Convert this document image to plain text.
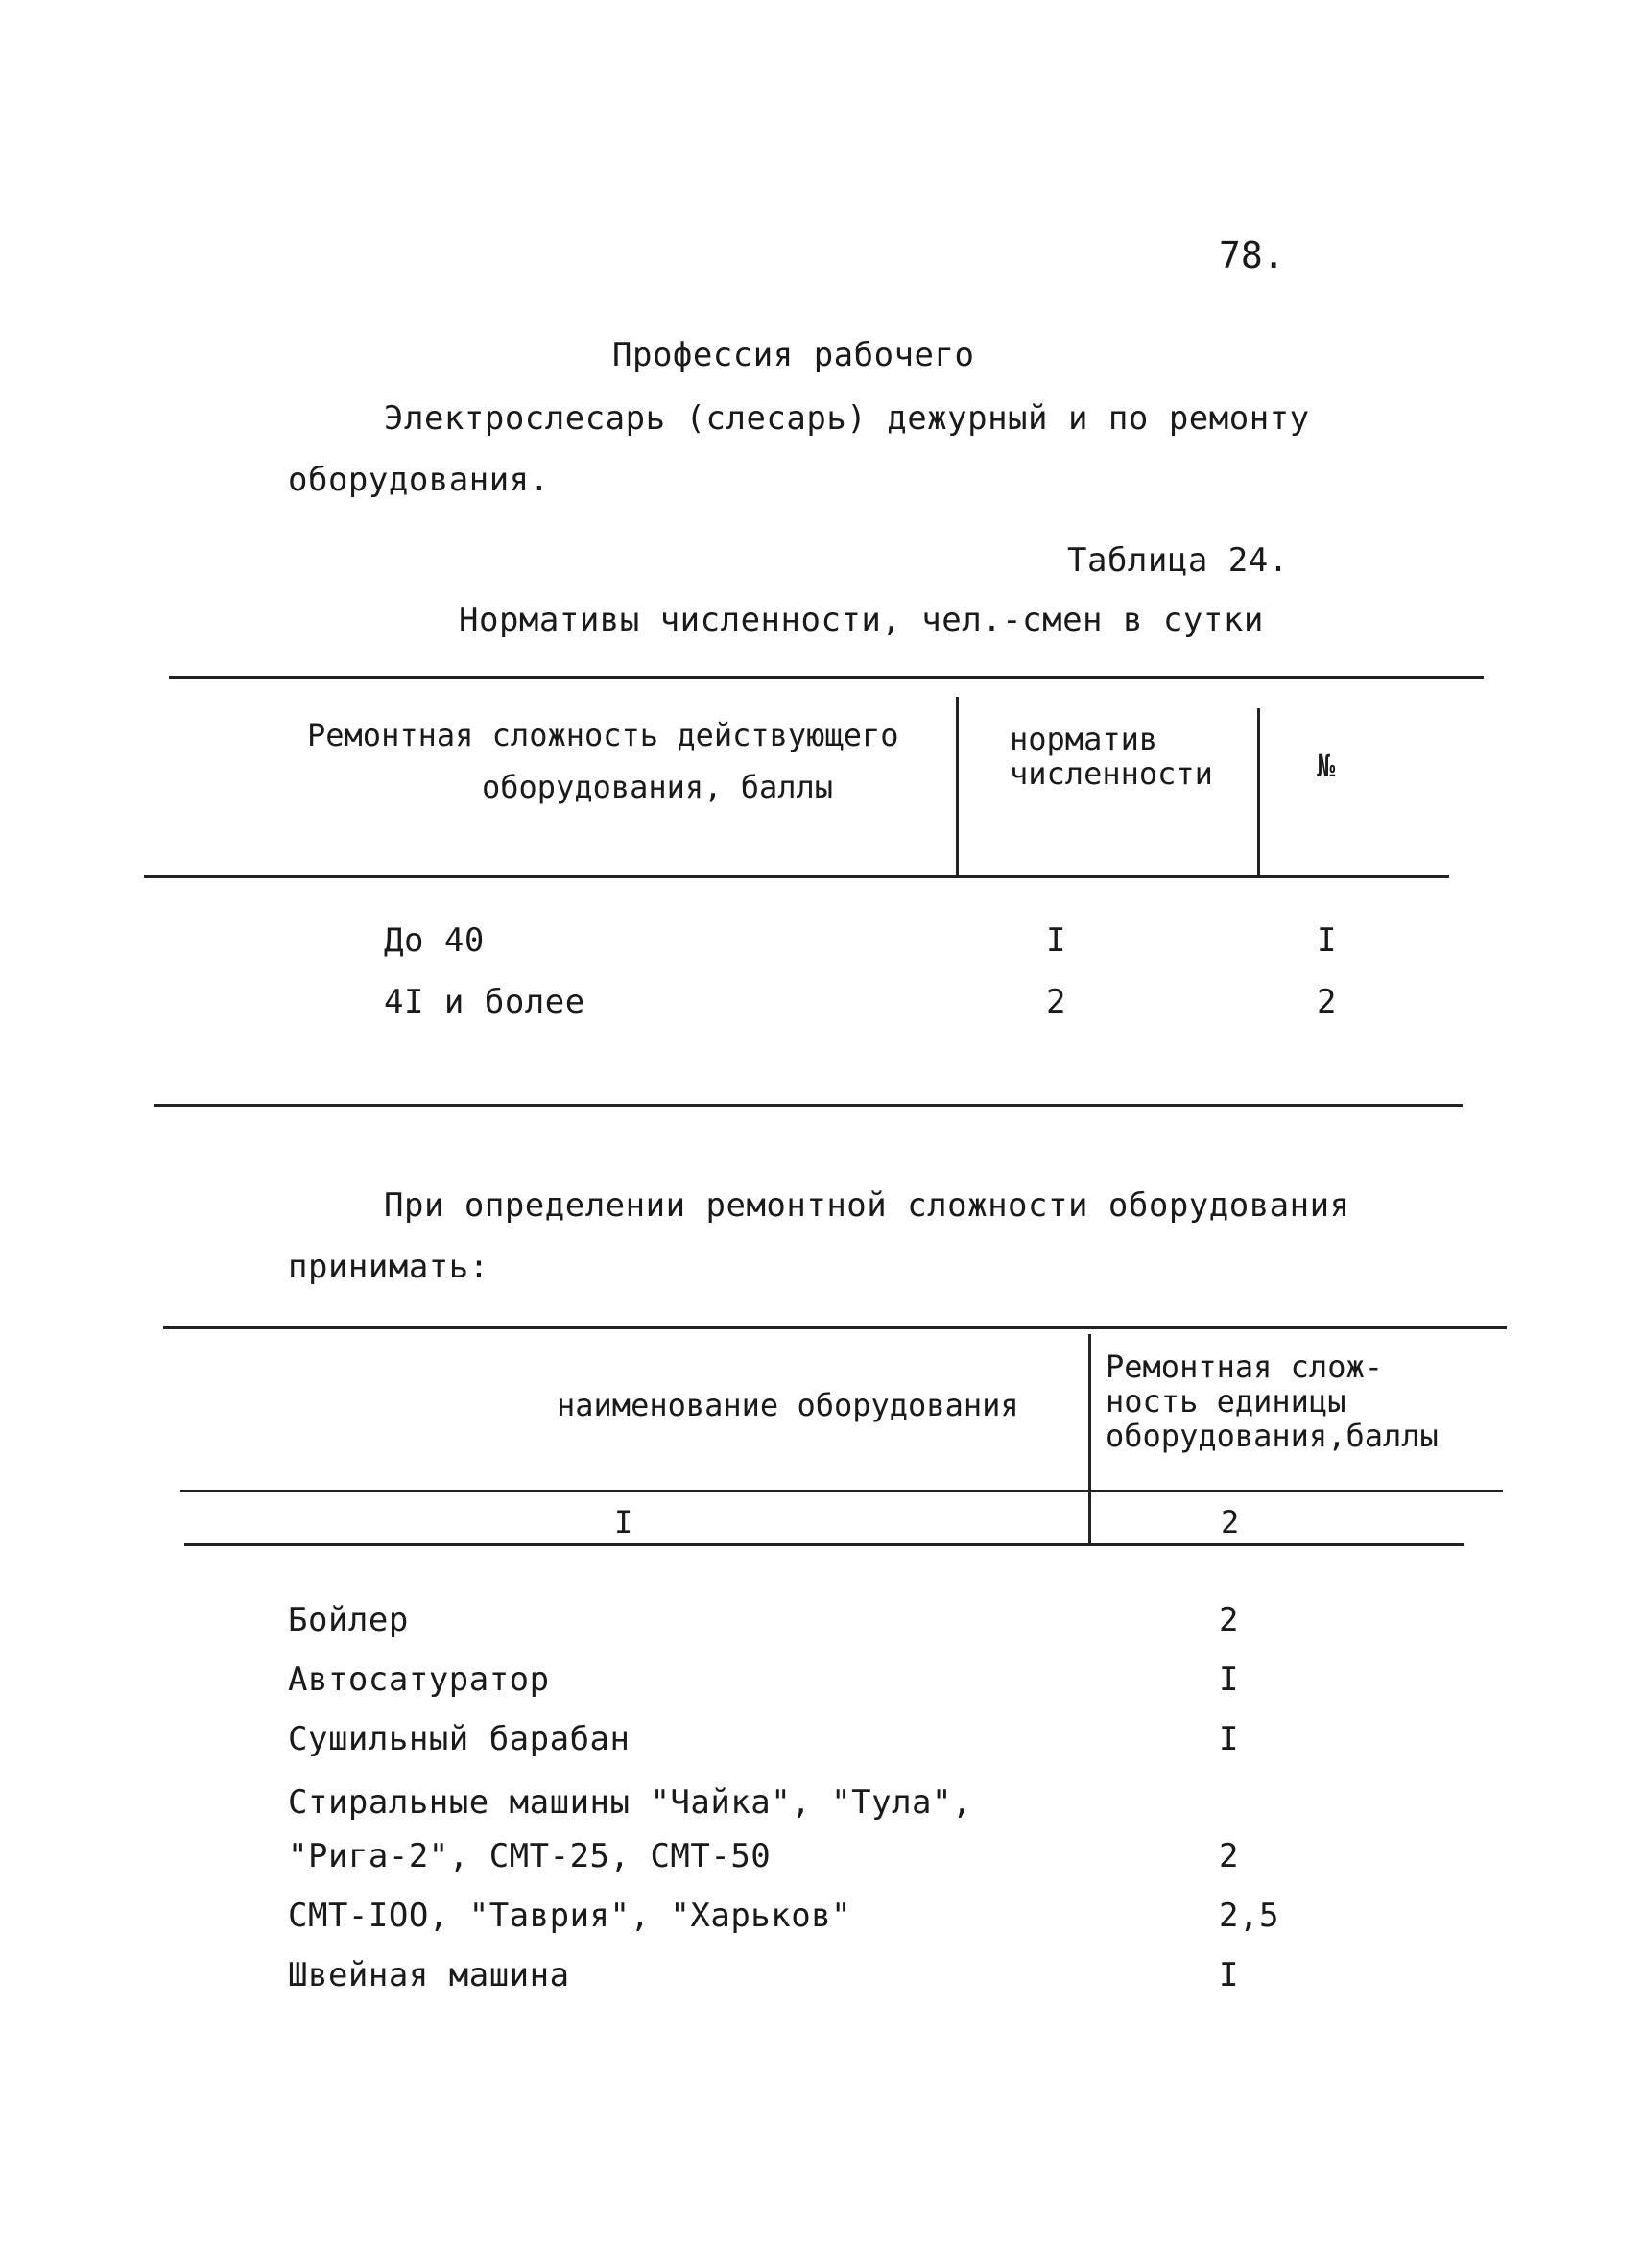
78.
Профессия рабочего
Электрослесарь (слесарь) дежурный и по ремонту
оборудования.
Таблица 24.
Нормативы численности, чел.-смен в сутки
Ремонтная сложность действующего
оборудования, баллы
норматив
численности	№
До 40	I	I
4I и более	2	2
При определении ремонтной сложности оборудования
принимать:
наименование оборудования
Ремонтная слож-
ность единицы
оборудования,баллы
I	2
Бойлер	2
Автосатуратор	I
Сушильный барабан	I
Стиральные машины "Чайка", "Тула",
"Рига-2", СМТ-25, СМТ-50	2
СМТ-IОО, "Таврия", "Харьков"	2,5
Швейная машина	I
